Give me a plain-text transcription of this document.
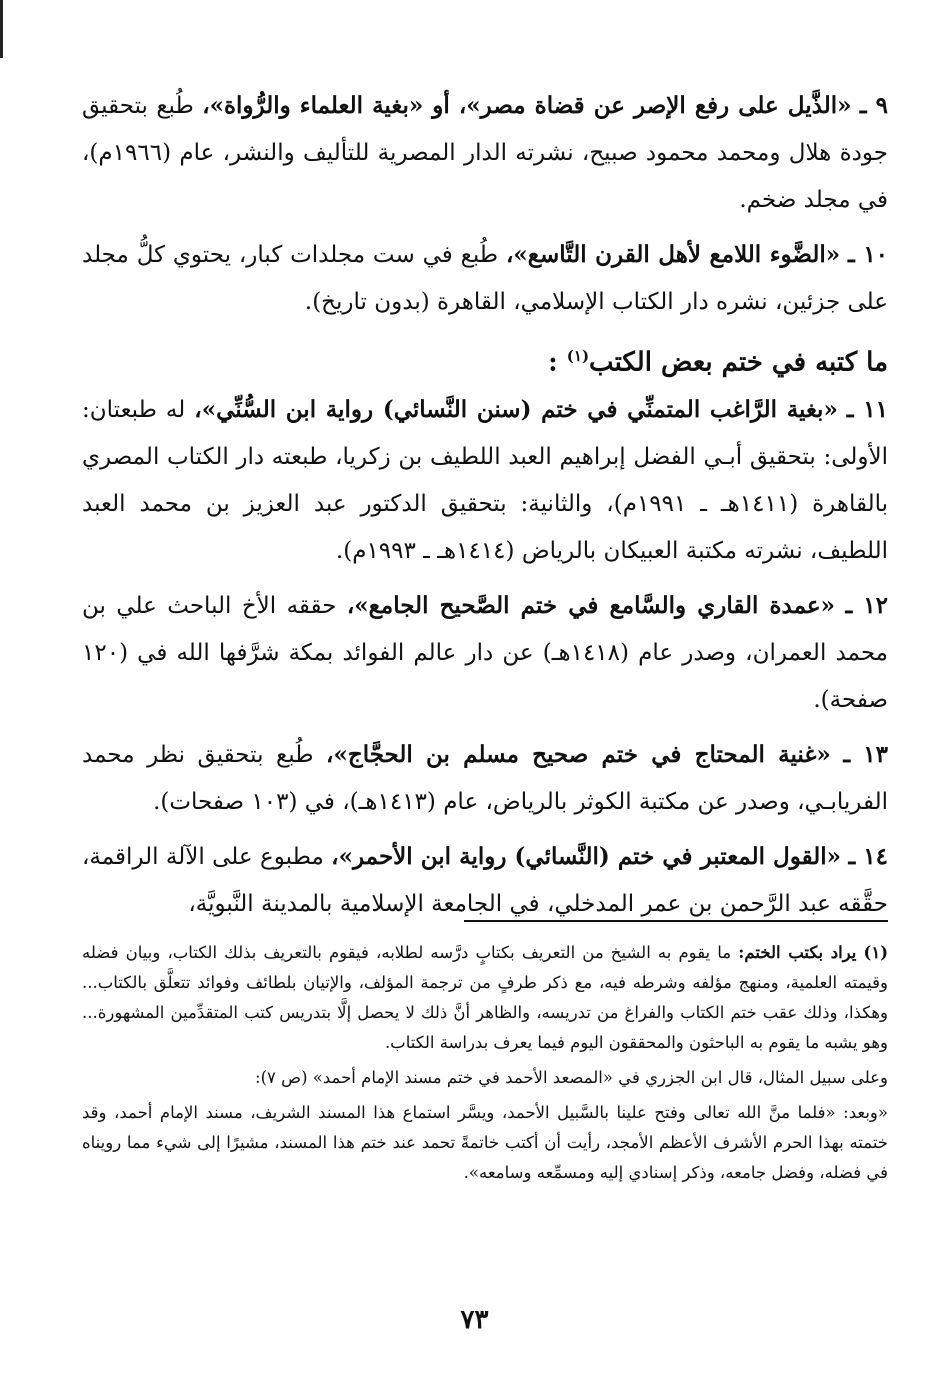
٩ ـ «الذَّيل على رفع الإصر عن قضاة مصر»، أو «بغية العلماء والرُّواة»، طُبع بتحقيق جودة هلال ومحمد محمود صبيح، نشرته الدار المصرية للتأليف والنشر، عام (١٩٦٦م)، في مجلد ضخم.

١٠ ـ «الضَّوء اللامع لأهل القرن التَّاسع»، طُبع في ست مجلدات كبار، يحتوي كلُّ مجلد على جزئين، نشره دار الكتاب الإسلامي، القاهرة (بدون تاريخ).

ما كتبه في ختم بعض الكتب$^{(١)}$ :

١١ ـ «بغية الرَّاغب المتمنِّي في ختم (سنن النَّسائي) رواية ابن السُّنِّي»، له طبعتان: الأولى: بتحقيق أبـي الفضل إبراهيم العبد اللطيف بن زكريا، طبعته دار الكتاب المصري بالقاهرة (١٤١١هـ ـ ١٩٩١م)، والثانية: بتحقيق الدكتور عبد العزيز بن محمد العبد اللطيف، نشرته مكتبة العبيكان بالرياض (١٤١٤هـ ـ ١٩٩٣م).

١٢ ـ «عمدة القاري والسَّامع في ختم الصَّحيح الجامع»، حققه الأخ الباحث علي بن محمد العمران، وصدر عام (١٤١٨هـ) عن دار عالم الفوائد بمكة شرَّفها الله في (١٢٠ صفحة).

١٣ ـ «غنية المحتاج في ختم صحيح مسلم بن الحجَّاج»، طُبع بتحقيق نظر محمد الفريابـي، وصدر عن مكتبة الكوثر بالرياض، عام (١٤١٣هـ)، في (١٠٣ صفحات).

١٤ ـ «القول المعتبر في ختم (النَّسائي) رواية ابن الأحمر»، مطبوع على الآلة الراقمة، حقَّقه عبد الرَّحمن بن عمر المدخلي، في الجامعة الإسلامية بالمدينة النَّبويَّة،

(١) يراد بكتب الختم: ما يقوم به الشيخ من التعريف بكتابٍ درَّسه لطلابه، فيقوم بالتعريف بذلك الكتاب، وبيان فضله وقيمته العلمية، ومنهج مؤلفه وشرطه فيه، مع ذكر طرفٍ من ترجمة المؤلف، والإتيان بلطائف وفوائد تتعلَّق بالكتاب... وهكذا، وذلك عقب ختم الكتاب والفراغ من تدريسه، والظاهر أنَّ ذلك لا يحصل إلَّا بتدريس كتب المتقدِّمين المشهورة... وهو يشبه ما يقوم به الباحثون والمحققون اليوم فيما يعرف بدراسة الكتاب.

وعلى سبيل المثال، قال ابن الجزري في «المصعد الأحمد في ختم مسند الإمام أحمد» (ص ٧):

«وبعد: «فلما منَّ الله تعالى وفتح علينا بالسَّبيل الأحمد، ويسَّر استماع هذا المسند الشريف، مسند الإمام أحمد، وقد ختمته بهذا الحرم الأشرف الأعظم الأمجد، رأيت أن أكتب خاتمةً تحمد عند ختم هذا المسند، مشيرًا إلى شيء مما رويناه في فضله، وفضل جامعه، وذكر إسنادي إليه ومسمِّعه وسامعه».

٧٣
